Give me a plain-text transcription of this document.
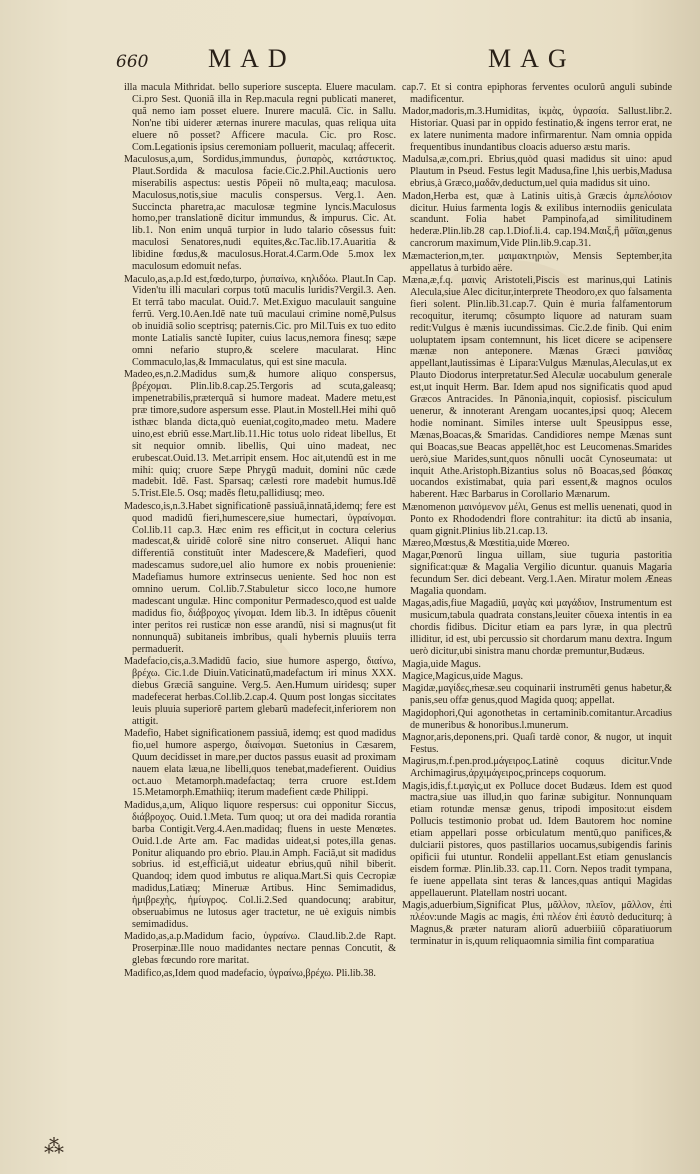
660 MAD	MAG

illa macula Mithridat. bello superiore suscepta. Eluere maculam. Ci.pro Sest. Quoniã illa in Rep.macula regni publicati maneret, quã nemo iam posset eluere. Inurere maculã. Cic. in Sallu. Non'ne tibi uiderer æternas inurere maculas, quas reliqua uita eluere nõ posset? Afficere macula. Cic. pro Rosc. Com.Legationis ipsius ceremoniam polluerit, maculaq; affecerit.

Maculosus,a,um, Sordidus,immundus, ῥυπαρὸς, κατάστικτος. Plaut.Sordida & maculosa facie.Cic.2.Phil.Auctionis uero miserabilis aspectus: uestis Põpeii nõ multa,eaq; maculosa. Maculosus,notis,siue maculis conspersus. Verg.1. Aen. Succincta pharetra,ac maculosæ tegmine lyncis.Maculosus homo,per translationẽ dicitur immundus, & impurus. Cic. At. lib.1. Non enim unquã turpior in ludo talario cõsessus fuit: maculosi Senatores,nudi equites,&c.Tac.lib.17.Auaritia & libidine fœdus,& maculosus.Horat.4.Carm.Ode 5.mox lex maculosum edomuit nefas.

Maculo,as,a.p.Id est,fœdo,turpo, ῥυπαίνω, κηλιδόω. Plaut.In Cap. Viden'tu illi maculari corpus totũ maculis luridis?Vergil.3. Aen. Et terrã tabo maculat. Ouid.7. Met.Exiguo maculauit sanguine ferrũ. Verg.10.Aen.Idẽ nate tuũ maculaui crimine nomẽ,Pulsus ob inuidiã solio sceptrisq; paternis.Cic. pro Mil.Tuis ex tuo edito monte Latialis sanctè Iupiter, cuius lacus,nemora finesq; sæpe omni nefario stupro,& scelere macularat. Hinc Commaculo,las,& Immaculatus, qui est sine macula.

Madeo,es,n.2.Madidus sum,& humore aliquo conspersus, βρέχομαι. Plin.lib.8.cap.25.Tergoris ad scuta,galeasq; impenetrabilis,præterquã si humore madeat. Madere metu,est præ timore,sudore aspersum esse. Plaut.in Mostell.Hei mihi quõ isthæc blanda dicta,quò eueniat,cogito,madeo metu. Madere uino,est ebriũ esse.Mart.lib.11.Hic totus uolo rideat libellus, Et sit nequior omnib. libellis, Qui uino madeat, nec erubescat.Ouid.13. Met.arripit ensem. Hoc ait,utendũ est in me mihi: quiq; cruore Sæpe Phrygũ maduit, domini nũc cæde madebit. Idẽ. Fast. Sparsaq; cælesti rore madebit humus.Idẽ 5.Trist.Ele.5. Osq; madẽs fletu,pallidiusq; meo.

Madesco,is,n.3.Habet significationẽ passiuã,innatã,idemq; fere est quod madidũ fieri,humescere,siue humectari, ὑγραίνομαι. Col.lib.11 cap.3. Hæc enim res efficit,ut in coctura celerius madescat,& uiridẽ colorẽ sine nitro conseruet. Aliqui hanc differentiã constituũt inter Madescere,& Madefieri, quod madescamus sudore,uel alio humore ex nobis prouenienie: Madefiamus humore extrinsecus ueniente. Sed hoc non est omnino uerum. Col.lib.7.Stabuletur sicco loco,ne humore madescant ungulæ. Hinc componitur Permadesco,quod est ualde madidus fio, διάβροχος γίνομαι. Idem lib.3. In idtẽpus cõuenit inter peritos rei rusticæ non esse arandũ, nisi si magnus(ut fit nonnunquã) subitaneis imbribus, quali hybernis pluuiis terra permaduerit.

Madefacio,cis,a.3.Madidũ facio, siue humore aspergo, διαίνω, βρέχω. Cic.1.de Diuin.Vaticinatũ,madefactum iri minus XXX. diebus Græciã sanguine. Verg.5. Aen.Humum uiridesq; super madefecerat herbas.Col.lib.2.cap.4. Quum post longas siccitates leuis pluuia superiorẽ partem glebarũ madefecit,inferiorem non attigit.

Madefio, Habet significationem passiuã, idemq; est quod madidus fio,uel humore aspergo, διαίνομαι. Suetonius in Cæsarem, Quum decidisset in mare,per ductos passus euasit ad proximam nauem elata læua,ne libelli,quos tenebat,madefierent. Ouidius oct.auo Metamorph.madefactaq; terra cruore est.Idem 15.Metamorph.Emathiiq; iterum madefient cæde Philippi.

Madidus,a,um, Aliquo liquore respersus: cui opponitur Siccus, διάβροχος. Ouid.1.Meta. Tum quoq; ut ora dei madida rorantia barba Contigit.Verg.4.Aen.madidaq; fluens in ueste Menœtes. Ouid.1.de Arte am. Fac madidas uideat,si potes,illa genas. Ponitur aliquando pro ebrio. Plau.in Amph. Faciã,ut sit madidus sobrius. id est,efficiã,ut uideatur ebrius,quũ nihil biberit. Quandoq; idem quod imbutus re aliqua.Mart.Si quis Cecropiæ madidus,Latiæq; Mineruæ Artibus. Hinc Semimadidus, ἡμιβρεχὴς, ἡμίυγρος. Col.li.2.Sed quandocunq; arabitur, obseruabimus ne lutosus ager tractetur, ne uè exiguis nimbis semimadidus.

Madido,as,a.p.Madidum facio, ὑγραίνω. Claud.lib.2.de Rapt. Proserpinæ.Ille nouo madidantes nectare pennas Concutit, & glebas fœcundo rore maritat.

Madifico,as,Idem quod madefacio, ὑγραίνω,βρέχω. Pli.lib.38.

cap.7. Et si contra epiphoras ferventes oculorũ anguli subinde madificentur.

Mador,madoris,m.3.Humiditas, ἰκμὰς, ὑγρασία. Sallust.libr.2. Historiar. Quasi par in oppido festinatio,& ingens terror erat, ne ex latere nunimenta madore infirmarentur. Nam omnia oppida frequentibus inundantibus cloacis aduerso æstu maris.

Madulsa,æ,com.pri. Ebrius,quòd quasi madidus sit uino: apud Plautum in Pseud. Festus legit Madusa,fine l,his uerbis,Madusa ebrius,à Græco,μαδᾶν,deductum,uel quia madidus sit uino.

Madon,Herba est, quæ à Latinis uitis,à Græcis ἀμπελόσιον dicitur. Huius farmenta logis & exilibus internodiis geniculata scandunt. Folia habet Pampinofa,ad similitudinem hederæ.Plin.lib.28 cap.1.Diof.li.4. cap.194.Μαιξ,ἢ μᾶϊαι,genus cancrorum maximum,Vide Plin.lib.9.cap.31.

Mæmacterion,m,ter. μαιμακτηριὼν, Mensis September,ita appellatus à turbido aëre.

Mæna,æ,f.q. μαινὶς Aristoteli,Piscis est marinus,qui Latinis Alecula,siue Alec dicitur,interprete Theodoro,ex quo falsamenta fieri solent. Plin.lib.31.cap.7. Quin è muria falfamentorum recoquitur, iterumq; cõsumpto liquore ad naturam suam redit:Vulgus è mænis iucundissimas. Cic.2.de finib. Qui enim uoluptatem ipsam contemnunt, his licet dicere se acipensere mænæ non anteponere. Mænas Græci μαινίδας appellant,lautissimas è Lipara:Vulgus Mænulas,Aleculas,ut ex Plauto Diodorus interpretatur.Sed Aleculæ uocabulum generale est,ut inquit Herm. Bar. Idem apud nos significatis quod apud Græcos Antracides. In Pãnonia,inquit, copiosisf. pisciculum uenerur, & innoterant Arengam uocantes,ipsi quoq; Alecem hodie nominant. Similes interse uult Speusippus esse, Mænas,Boacas,& Smaridas. Candidiores nempe Mænas sunt qui Boacas,sue Beacas appellẽt,hoc est Leucomenas.Smarides uerò,siue Marides,sunt,quos nõnulli uocãt Cynoseumata: ut inquit Athe.Aristoph.Bizantius solus nõ Boacas,sed βόακας uocandos existimabat, quia pari essent,& magnos oculos haberent. Hæc Barbarus in Corollario Mænarum.

Mænomenon μαινόμενον μέλι, Genus est mellis uenenati, quod in Ponto ex Rhododendri flore contrahitur: ita dictũ ab insania, quam gignit.Plinius lib.21.cap.13.

Mæreo,Mœstus,& Mœstitia,uide Mœreo.

Magar,Pœnorũ lingua uillam, siue tuguria pastoritia significat:quæ & Magalia Vergilio dicuntur. quanuis Magaria fecundum Ser. dici debeant. Verg.1.Aen. Miratur molem Æneas Magalia quondam.

Magas,adis,fiue Magadiũ, μαγὰς καὶ μαγάδιον, Instrumentum est musicum,tabula quadrata constans,leuiter cõuexa intentis in ea chordis fidibus. Dicitur etiam ea pars lyræ, in qua plectrũ illiditur, id est, ubi percussio sit chordarum manu dextra. Ingum uerò dicitur,ubi sinistra manu chordæ premuntur,Budæus.

Magia,uide Magus.

Magice,Magicus,uide Magus.

Magidæ,μαγίδες,ṁesæ.seu coquinarii instrumẽti genus habetur,& panis,seu offæ genus,quod Magida quoq; appellat.

Magidophori,Qui agonothetas in certaminib.comitantur.Arcadius de muneribus & honoribus.l.munerum.

Magnor,aris,deponens,pri. Quaſi tardè conor, & nugor, ut inquit Festus.

Magirus,m.f.pen.prod.μάγειρος.Latinè coquus dicitur.Vnde Archimagirus,ἀρχιμάγειρος,princeps coquorum.

Magis,idis,f.t.μαγὶς,ut ex Polluce docet Budæus. Idem est quod mactra,siue uas illud,in quo farinæ subigitur. Nonnunquam etiam rotundæ mensæ genus, tripodi imposito:ut eisdem Pollucis testimonio probat ud. Idem Bautorem hoc nomine etiam appellari posse orbiculatum mentũ,quo panifices,& dulciarii pistores, quos pastillarios uocamus,subigendis farinis opificii fui utuntur. Rondelii appellant.Est etiam genuslancis eisdem formæ. Plin.lib.33. cap.11. Corn. Nepos tradit tympana, fe iuene appellata sint teras & lances,quas antiqui Magidas appellauerunt. Platellam nostri uocant.

Magis,aduerbium,Significat Plus, μᾶλλον, πλεῖον, μᾶλλον, ἐπὶ πλέον:unde Magis ac magis, ἐπὶ πλέον ἐπὶ ἑαυτὸ deduciturq; à Magnus,& præter naturam aliorũ aduerbiiiũ cõparatiuorum terminatur in is,quum reliquaomnia similia fint comparatiua

⁂
